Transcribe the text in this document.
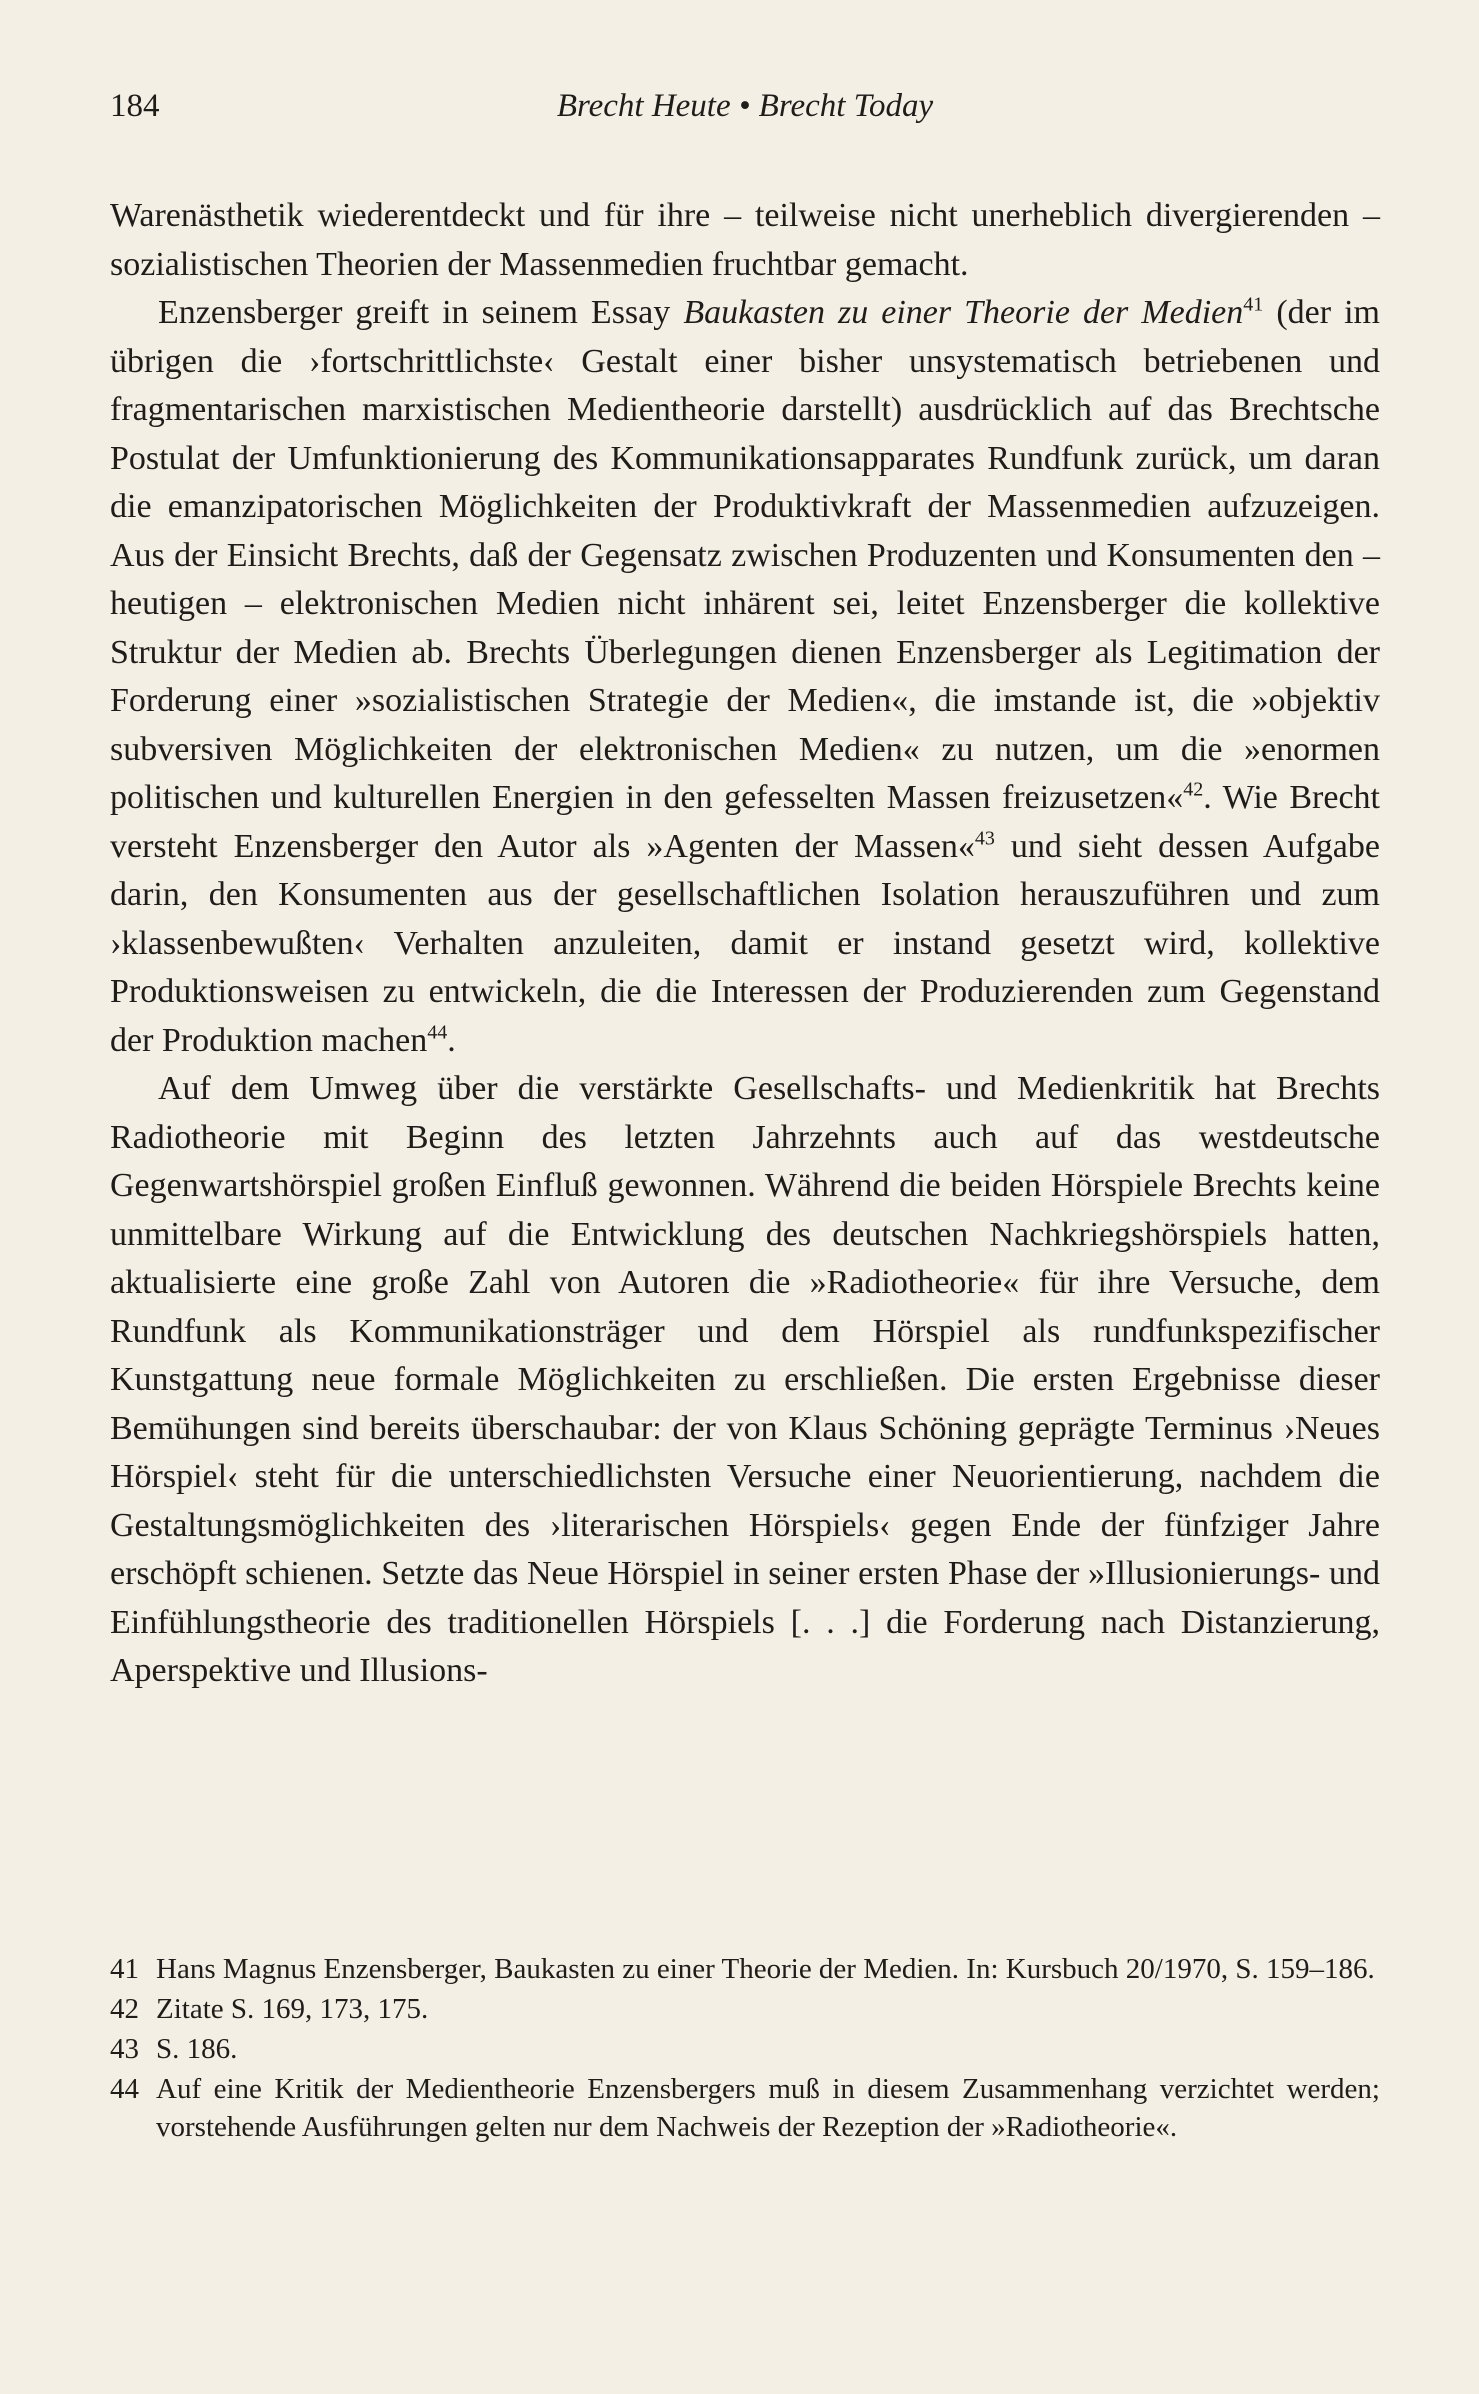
184	Brecht Heute • Brecht Today

Warenästhetik wiederentdeckt und für ihre – teilweise nicht unerheblich divergierenden – sozialistischen Theorien der Massenmedien fruchtbar gemacht.

Enzensberger greift in seinem Essay Baukasten zu einer Theorie der Medien$^{41}$ (der im übrigen die ›fortschrittlichste‹ Gestalt einer bisher unsystematisch betriebenen und fragmentarischen marxistischen Medientheorie darstellt) ausdrücklich auf das Brechtsche Postulat der Umfunktionierung des Kommunikationsapparates Rundfunk zurück, um daran die emanzipatorischen Möglichkeiten der Produktivkraft der Massenmedien aufzuzeigen. Aus der Einsicht Brechts, daß der Gegensatz zwischen Produzenten und Konsumenten den – heutigen – elektronischen Medien nicht inhärent sei, leitet Enzensberger die kollektive Struktur der Medien ab. Brechts Überlegungen dienen Enzensberger als Legitimation der Forderung einer »sozialistischen Strategie der Medien«, die imstande ist, die »objektiv subversiven Möglichkeiten der elektronischen Medien« zu nutzen, um die »enormen politischen und kulturellen Energien in den gefesselten Massen freizusetzen«$^{42}$. Wie Brecht versteht Enzensberger den Autor als »Agenten der Massen«$^{43}$ und sieht dessen Aufgabe darin, den Konsumenten aus der gesellschaftlichen Isolation herauszuführen und zum ›klassenbewußten‹ Verhalten anzuleiten, damit er instand gesetzt wird, kollektive Produktionsweisen zu entwickeln, die die Interessen der Produzierenden zum Gegenstand der Produktion machen$^{44}$.

Auf dem Umweg über die verstärkte Gesellschafts- und Medienkritik hat Brechts Radiotheorie mit Beginn des letzten Jahrzehnts auch auf das westdeutsche Gegenwartshörspiel großen Einfluß gewonnen. Während die beiden Hörspiele Brechts keine unmittelbare Wirkung auf die Entwicklung des deutschen Nachkriegshörspiels hatten, aktualisierte eine große Zahl von Autoren die »Radiotheorie« für ihre Versuche, dem Rundfunk als Kommunikationsträger und dem Hörspiel als rundfunkspezifischer Kunstgattung neue formale Möglichkeiten zu erschließen. Die ersten Ergebnisse dieser Bemühungen sind bereits überschaubar: der von Klaus Schöning geprägte Terminus ›Neues Hörspiel‹ steht für die unterschiedlichsten Versuche einer Neuorientierung, nachdem die Gestaltungsmöglichkeiten des ›literarischen Hörspiels‹ gegen Ende der fünfziger Jahre erschöpft schienen. Setzte das Neue Hörspiel in seiner ersten Phase der »Illusionierungs- und Einfühlungstheorie des traditionellen Hörspiels [. . .] die Forderung nach Distanzierung, Aperspektive und Illusions-

41 Hans Magnus Enzensberger, Baukasten zu einer Theorie der Medien. In: Kursbuch 20/1970, S. 159–186.
42 Zitate S. 169, 173, 175.
43 S. 186.
44 Auf eine Kritik der Medientheorie Enzensbergers muß in diesem Zusammenhang verzichtet werden; vorstehende Ausführungen gelten nur dem Nachweis der Rezeption der »Radiotheorie«.
